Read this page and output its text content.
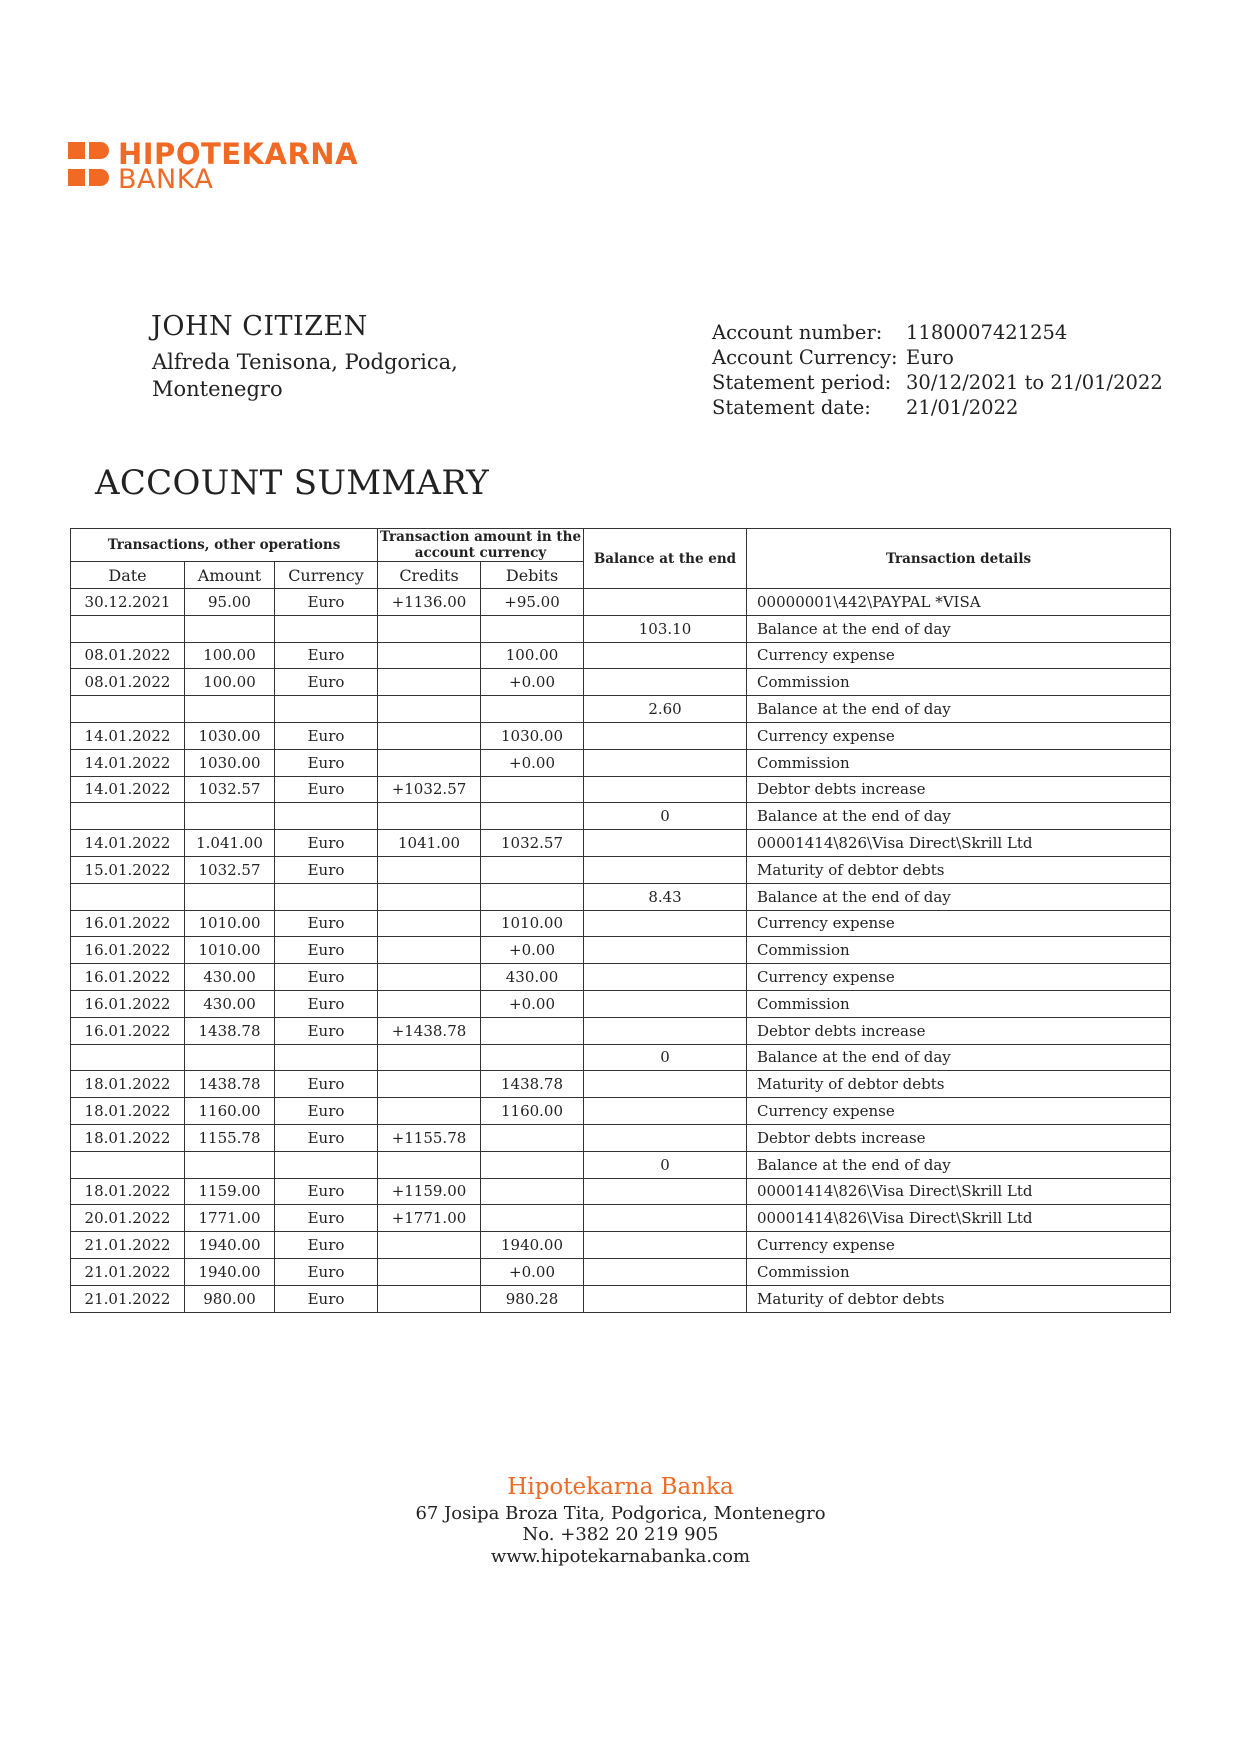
HIPOTEKARNA
BANKA
JOHN CITIZEN
Alfreda Tenisona, Podgorica,
Montenegro
Account number: 1180007421254
Account Currency: Euro
Statement period: 30/12/2021 to 21/01/2022
Statement date: 21/01/2022
ACCOUNT SUMMARY
Transactions, other operations			Transaction amount in the account currency		Balance at the end	Transaction details
Date	Amount	Currency	Credits	Debits		
30.12.2021	95.00	Euro	+1136.00	+95.00		00000001\442\PAYPAL *VISA
					103.10	Balance at the end of day
08.01.2022	100.00	Euro		100.00		Currency expense
08.01.2022	100.00	Euro		+0.00		Commission
					2.60	Balance at the end of day
14.01.2022	1030.00	Euro		1030.00		Currency expense
14.01.2022	1030.00	Euro		+0.00		Commission
14.01.2022	1032.57	Euro	+1032.57			Debtor debts increase
					0	Balance at the end of day
14.01.2022	1.041.00	Euro	1041.00	1032.57		00001414\826\Visa Direct\Skrill Ltd
15.01.2022	1032.57	Euro				Maturity of debtor debts
					8.43	Balance at the end of day
16.01.2022	1010.00	Euro		1010.00		Currency expense
16.01.2022	1010.00	Euro		+0.00		Commission
16.01.2022	430.00	Euro		430.00		Currency expense
16.01.2022	430.00	Euro		+0.00		Commission
16.01.2022	1438.78	Euro	+1438.78			Debtor debts increase
					0	Balance at the end of day
18.01.2022	1438.78	Euro		1438.78		Maturity of debtor debts
18.01.2022	1160.00	Euro		1160.00		Currency expense
18.01.2022	1155.78	Euro	+1155.78			Debtor debts increase
					0	Balance at the end of day
18.01.2022	1159.00	Euro	+1159.00			00001414\826\Visa Direct\Skrill Ltd
20.01.2022	1771.00	Euro	+1771.00			00001414\826\Visa Direct\Skrill Ltd
21.01.2022	1940.00	Euro		1940.00		Currency expense
21.01.2022	1940.00	Euro		+0.00		Commission
21.01.2022	980.00	Euro		980.28		Maturity of debtor debts
Hipotekarna Banka
67 Josipa Broza Tita, Podgorica, Montenegro
No. +382 20 219 905
www.hipotekarnabanka.com
